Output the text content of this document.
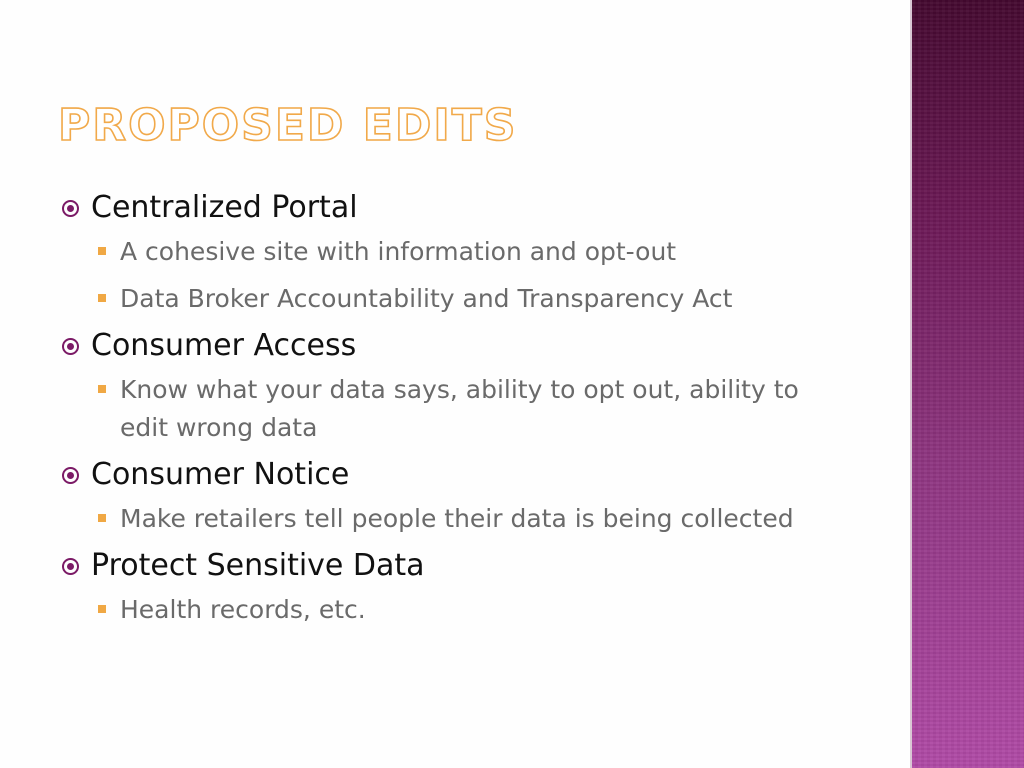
PROPOSED EDITS
Centralized Portal
A cohesive site with information and opt-out
Data Broker Accountability and Transparency Act
Consumer Access
Know what your data says, ability to opt out, ability to edit wrong data
Consumer Notice
Make retailers tell people their data is being collected
Protect Sensitive Data
Health records, etc.
